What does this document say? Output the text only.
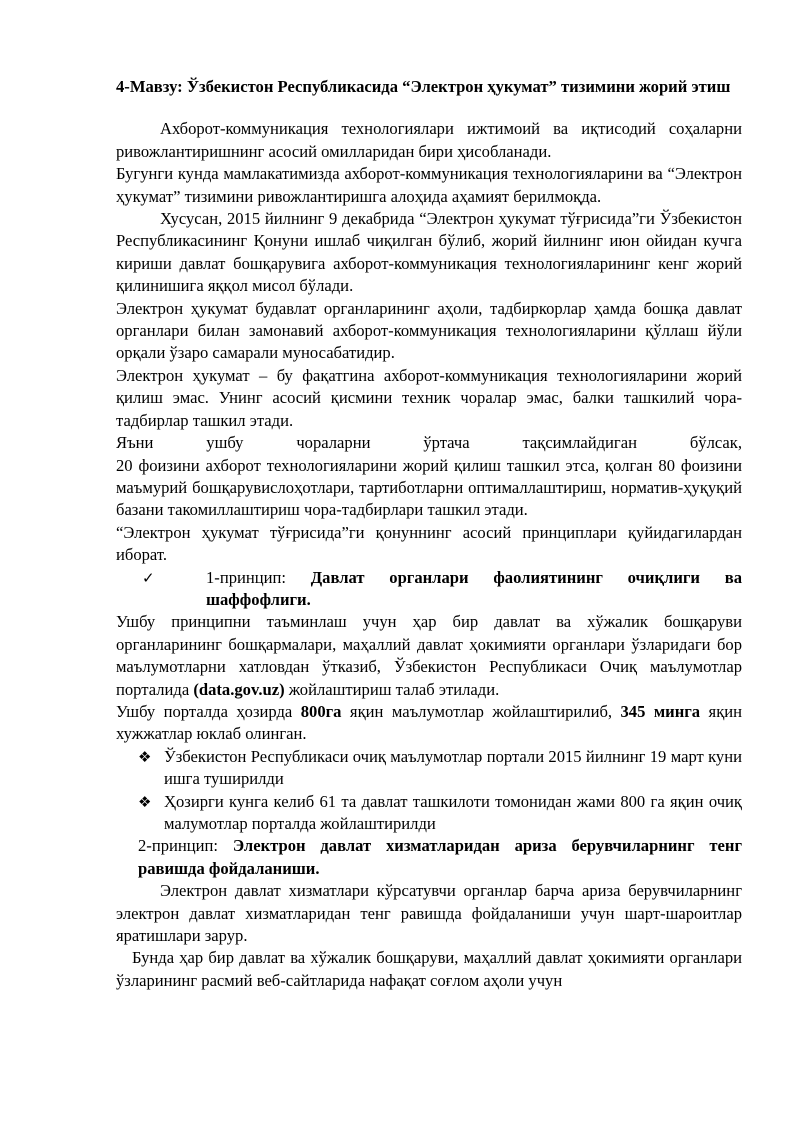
4-Мавзу: Ўзбекистон Республикасида “Электрон ҳукумат” тизимини жорий этиш

Ахборот-коммуникация технологиялари ижтимоий ва иқтисодий соҳаларни ривожлантиришнинг асосий омилларидан бири ҳисобланади.

Бугунги кунда мамлакатимизда ахборот-коммуникация технологияларини ва “Электрон ҳукумат” тизимини ривожлантиришга алоҳида аҳамият берилмоқда.

Хусусан, 2015 йилнинг 9 декабрида “Электрон ҳукумат тўғрисида”ги Ўзбекистон Республикасининг Қонуни ишлаб чиқилган бўлиб, жорий йилнинг июн ойидан кучга кириши давлат бошқарувига ахборот-коммуникация технологияларининг кенг жорий қилинишига яққол мисол бўлади.

Электрон ҳукумат будавлат органларининг аҳоли, тадбиркорлар ҳамда бошқа давлат органлари билан замонавий ахборот-коммуникация технологияларини қўллаш йўли орқали ўзаро самарали муносабатидир.

Электрон ҳукумат – бу фақатгина ахборот-коммуникация технологияларини жорий қилиш эмас. Унинг асосий қисмини техник чоралар эмас, балки ташкилий чора-тадбирлар ташкил этади.

Яъни ушбу чораларни ўртача тақсимлайдиган бўлсак,

20 фоизини ахборот технологияларини жорий қилиш ташкил этса, қолган 80 фоизини маъмурий бошқарувислоҳотлари, тартиботларни оптималлаштириш, норматив-ҳуқуқий базани такомиллаштириш чора-тадбирлари ташкил этади.

“Электрон ҳукумат тўғрисида”ги қонуннинг асосий принциплари қуйидагилардан иборат.

✓	1-принцип: Давлат органлари фаолиятининг очиқлиги ва шаффофлиги.

Ушбу принципни таъминлаш учун ҳар бир давлат ва хўжалик бошқаруви органларининг бошқармалари, маҳаллий давлат ҳокимияти органлари ўзларидаги бор маълумотларни хатловдан ўтказиб, Ўзбекистон Республикаси Очиқ маълумотлар порталида (data.gov.uz) жойлаштириш талаб этилади.

Ушбу порталда ҳозирда 800га яқин маълумотлар жойлаштирилиб, 345 минга яқин хужжатлар юклаб олинган.

❖ Ўзбекистон Республикаси очиқ маълумотлар портали 2015 йилнинг 19 март куни ишга туширилди

❖ Ҳозирги кунга келиб 61 та давлат ташкилоти томонидан жами 800 га яқин очиқ малумотлар порталда жойлаштирилди

2-принцип: Электрон давлат хизматларидан ариза берувчиларнинг тенг равишда фойдаланиши.

Электрон давлат хизматлари кўрсатувчи органлар барча ариза берувчиларнинг электрон давлат хизматларидан тенг равишда фойдаланиши учун шарт-шароитлар яратишлари зарур.

Бунда ҳар бир давлат ва хўжалик бошқаруви, маҳаллий давлат ҳокимияти органлари ўзларининг расмий веб-сайтларида нафақат соғлом аҳоли учун
